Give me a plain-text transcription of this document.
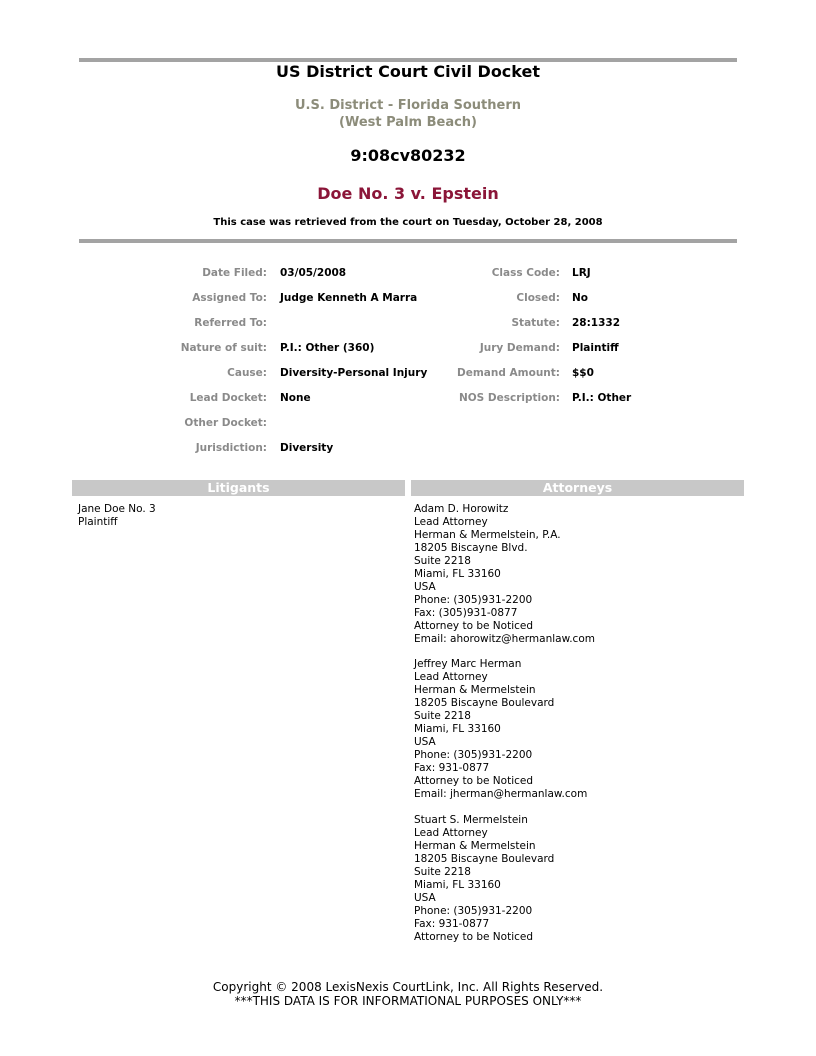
US District Court Civil Docket
U.S. District - Florida Southern
(West Palm Beach)
9:08cv80232
Doe No. 3 v. Epstein
This case was retrieved from the court on Tuesday, October 28, 2008
Date Filed: 03/05/2008
Assigned To: Judge Kenneth A Marra
Referred To:
Nature of suit: P.I.: Other (360)
Cause: Diversity-Personal Injury
Lead Docket: None
Other Docket:
Jurisdiction: Diversity
Class Code: LRJ
Closed: No
Statute: 28:1332
Jury Demand: Plaintiff
Demand Amount: $$0
NOS Description: P.I.: Other
Litigants	Attorneys
Jane Doe No. 3
Plaintiff
Adam D. Horowitz
Lead Attorney
Herman & Mermelstein, P.A.
18205 Biscayne Blvd.
Suite 2218
Miami, FL 33160
USA
Phone: (305)931-2200
Fax: (305)931-0877
Attorney to be Noticed
Email: ahorowitz@hermanlaw.com
Jeffrey Marc Herman
Lead Attorney
Herman & Mermelstein
18205 Biscayne Boulevard
Suite 2218
Miami, FL 33160
USA
Phone: (305)931-2200
Fax: 931-0877
Attorney to be Noticed
Email: jherman@hermanlaw.com
Stuart S. Mermelstein
Lead Attorney
Herman & Mermelstein
18205 Biscayne Boulevard
Suite 2218
Miami, FL 33160
USA
Phone: (305)931-2200
Fax: 931-0877
Attorney to be Noticed
Copyright © 2008 LexisNexis CourtLink, Inc. All Rights Reserved.
***THIS DATA IS FOR INFORMATIONAL PURPOSES ONLY***
